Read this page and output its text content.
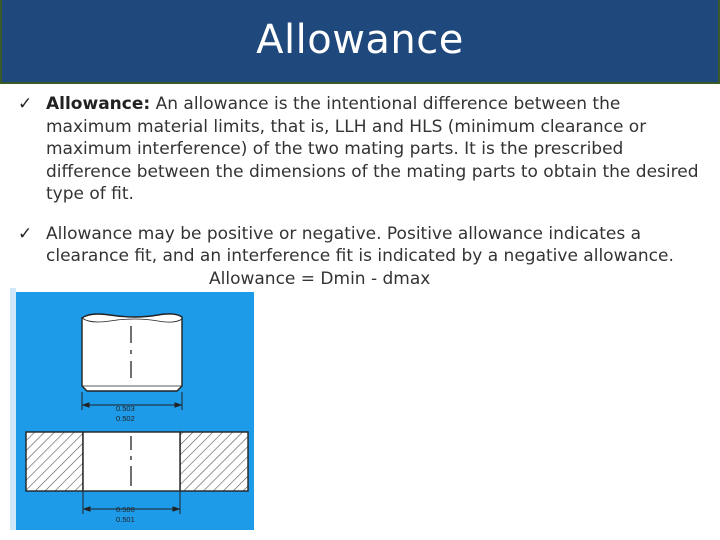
Allowance
✓ Allowance: An allowance is the intentional difference between the maximum material limits, that is, LLH and HLS (minimum clearance or maximum interference) of the two mating parts. It is the prescribed difference between the dimensions of the mating parts to obtain the desired type of fit.
✓ Allowance may be positive or negative. Positive allowance indicates a clearance fit, and an interference fit is indicated by a negative allowance.
Allowance = Dmin - dmax
0.503
0.502
0.500
0.501
